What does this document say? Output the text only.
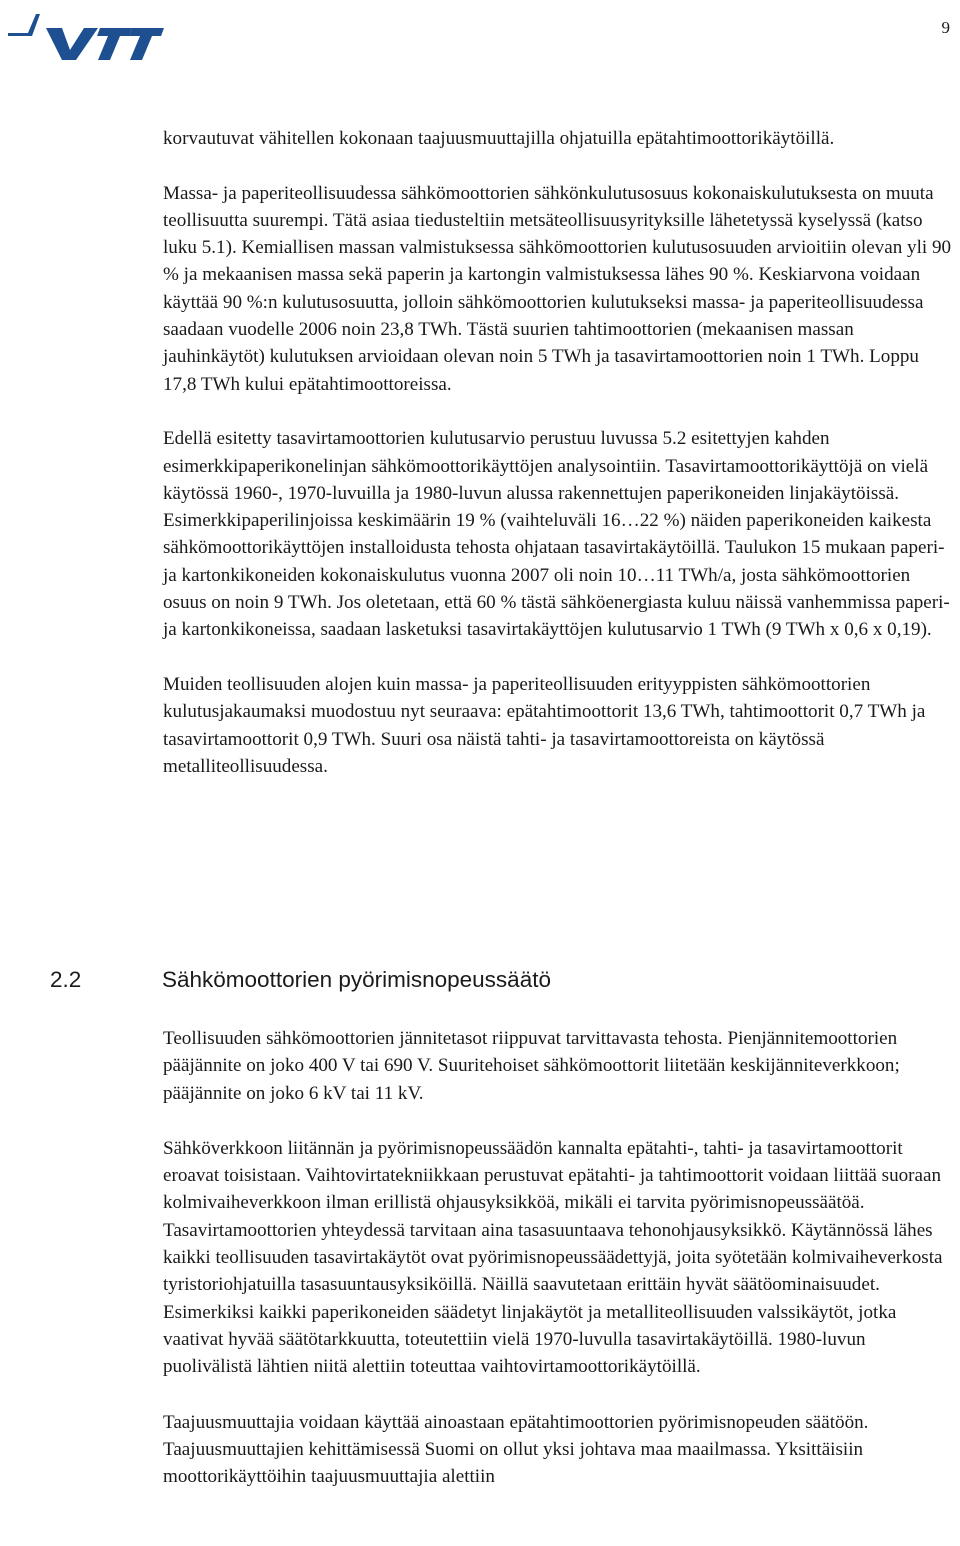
9

korvautuvat vähitellen kokonaan taajuusmuuttajilla ohjatuilla epätahtimoottorikäytöillä.

Massa- ja paperiteollisuudessa sähkömoottorien sähkönkulutusosuus kokonaiskulutuksesta on muuta teollisuutta suurempi. Tätä asiaa tiedusteltiin metsäteollisuusyrityksille lähetetyssä kyselyssä (katso luku 5.1). Kemiallisen massan valmistuksessa sähkömoottorien kulutusosuuden arvioitiin olevan yli 90 % ja mekaanisen massa sekä paperin ja kartongin valmistuksessa lähes 90 %. Keskiarvona voidaan käyttää 90 %:n kulutusosuutta, jolloin sähkömoottorien kulutukseksi massa- ja paperiteollisuudessa saadaan vuodelle 2006 noin 23,8 TWh. Tästä suurien tahtimoottorien (mekaanisen massan jauhinkäytöt) kulutuksen arvioidaan olevan noin 5 TWh ja tasavirtamoottorien noin 1 TWh. Loppu 17,8 TWh kului epätahtimoottoreissa.

Edellä esitetty tasavirtamoottorien kulutusarvio perustuu luvussa 5.2 esitettyjen kahden esimerkkipaperikonelinjan sähkömoottorikäyttöjen analysointiin. Tasavirtamoottorikäyttöjä on vielä käytössä 1960-, 1970-luvuilla ja 1980-luvun alussa rakennettujen paperikoneiden linjakäytöissä. Esimerkkipaperilinjoissa keskimäärin 19 % (vaihteluväli 16…22 %) näiden paperikoneiden kaikesta sähkömoottorikäyttöjen installoidusta tehosta ohjataan tasavirtakäytöillä. Taulukon 15 mukaan paperi- ja kartonkikoneiden kokonaiskulutus vuonna 2007 oli noin 10…11 TWh/a, josta sähkömoottorien osuus on noin 9 TWh. Jos oletetaan, että 60 % tästä sähköenergiasta kuluu näissä vanhemmissa paperi- ja kartonkikoneissa, saadaan lasketuksi tasavirtakäyttöjen kulutusarvio 1 TWh (9 TWh x 0,6 x 0,19).

Muiden teollisuuden alojen kuin massa- ja paperiteollisuuden erityyppisten sähkömoottorien kulutusjakaumaksi muodostuu nyt seuraava: epätahtimoottorit 13,6 TWh, tahtimoottorit 0,7 TWh ja tasavirtamoottorit 0,9 TWh. Suuri osa näistä tahti- ja tasavirtamoottoreista on käytössä metalliteollisuudessa.

2.2	Sähkömoottorien pyörimisnopeussäätö

Teollisuuden sähkömoottorien jännitetasot riippuvat tarvittavasta tehosta. Pienjännitemoottorien pääjännite on joko 400 V tai 690 V. Suuritehoiset sähkömoottorit liitetään keskijänniteverkkoon; pääjännite on joko 6 kV tai 11 kV.

Sähköverkkoon liitännän ja pyörimisnopeussäädön kannalta epätahti-, tahti- ja tasavirtamoottorit eroavat toisistaan. Vaihtovirtatekniikkaan perustuvat epätahti- ja tahtimoottorit voidaan liittää suoraan kolmivaiheverkkoon ilman erillistä ohjausyksikköä, mikäli ei tarvita pyörimisnopeussäätöä. Tasavirtamoottorien yhteydessä tarvitaan aina tasasuuntaava tehonohjausyksikkö. Käytännössä lähes kaikki teollisuuden tasavirtakäytöt ovat pyörimisnopeussäädettyjä, joita syötetään kolmivaiheverkosta tyristoriohjatuilla tasasuuntausyksiköillä. Näillä saavutetaan erittäin hyvät säätöominaisuudet. Esimerkiksi kaikki paperikoneiden säädetyt linjakäytöt ja metalliteollisuuden valssikäytöt, jotka vaativat hyvää säätötarkkuutta, toteutettiin vielä 1970-luvulla tasavirtakäytöillä. 1980-luvun puolivälistä lähtien niitä alettiin toteuttaa vaihtovirtamoottorikäytöillä.

Taajuusmuuttajia voidaan käyttää ainoastaan epätahtimoottorien pyörimisnopeuden säätöön. Taajuusmuuttajien kehittämisessä Suomi on ollut yksi johtava maa maailmassa. Yksittäisiin moottorikäyttöihin taajuusmuuttajia alettiin
